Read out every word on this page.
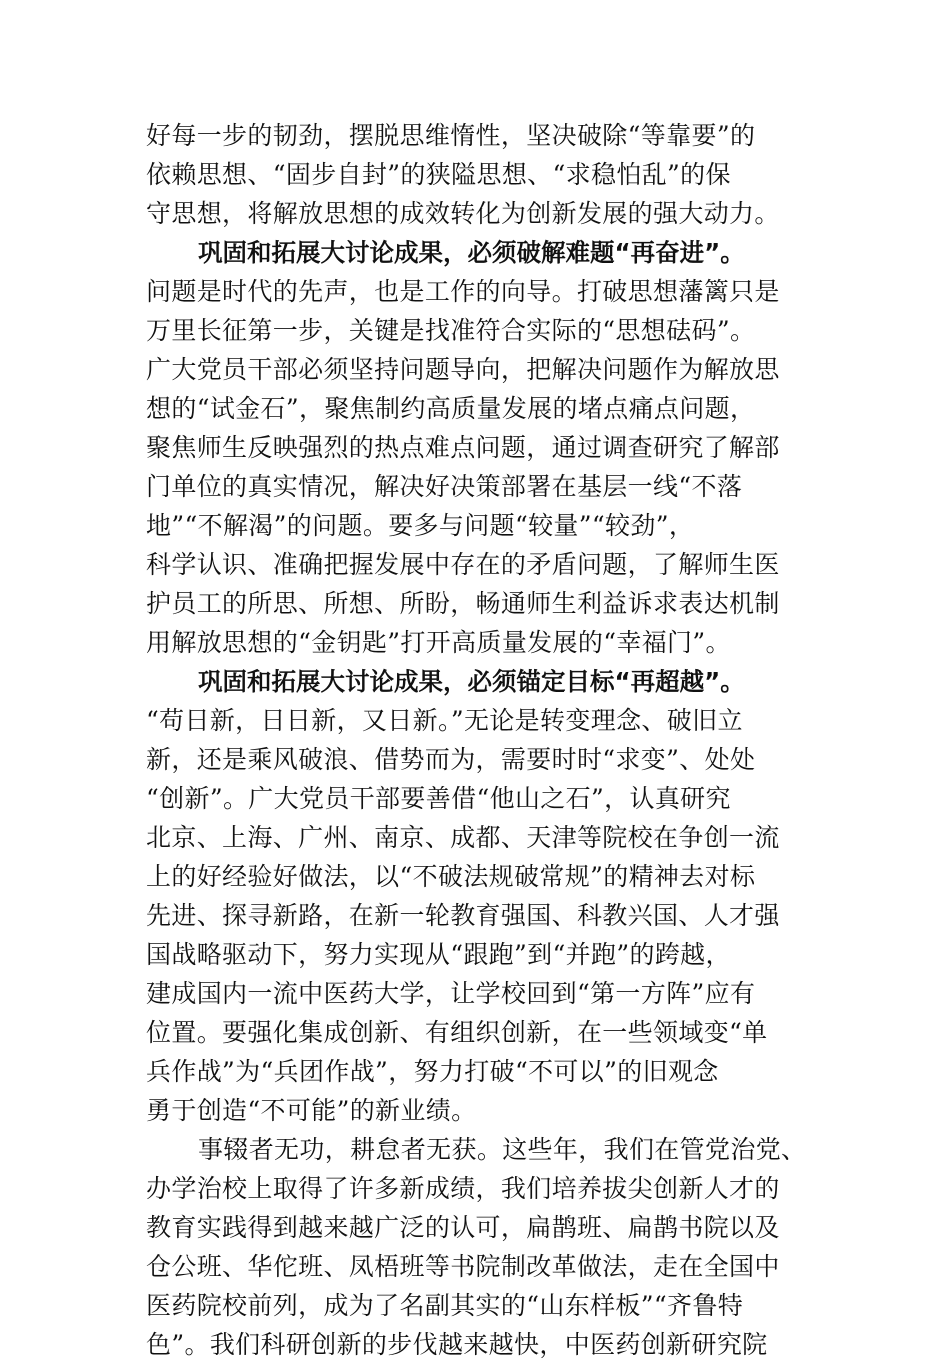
好每一步的韧劲，摆脱思维惰性，坚决破除“等靠要”的
依赖思想、“固步自封”的狭隘思想、“求稳怕乱”的保
守思想，将解放思想的成效转化为创新发展的强大动力。
巩固和拓展大讨论成果，必须破解难题“再奋进”。
问题是时代的先声，也是工作的向导。打破思想藩篱只是
万里长征第一步，关键是找准符合实际的“思想砝码”。
广大党员干部必须坚持问题导向，把解决问题作为解放思
想的“试金石”，聚焦制约高质量发展的堵点痛点问题，
聚焦师生反映强烈的热点难点问题，通过调查研究了解部
门单位的真实情况，解决好决策部署在基层一线“不落
地”“不解渴”的问题。要多与问题“较量”“较劲”，
科学认识、准确把握发展中存在的矛盾问题，了解师生医
护员工的所思、所想、所盼，畅通师生利益诉求表达机制
用解放思想的“金钥匙”打开高质量发展的“幸福门”。
巩固和拓展大讨论成果，必须锚定目标“再超越”。
“苟日新，日日新，又日新。”无论是转变理念、破旧立
新，还是乘风破浪、借势而为，需要时时“求变”、处处
“创新”。广大党员干部要善借“他山之石”，认真研究
北京、上海、广州、南京、成都、天津等院校在争创一流
上的好经验好做法，以“不破法规破常规”的精神去对标
先进、探寻新路，在新一轮教育强国、科教兴国、人才强
国战略驱动下，努力实现从“跟跑”到“并跑”的跨越，
建成国内一流中医药大学，让学校回到“第一方阵”应有
位置。要强化集成创新、有组织创新，在一些领域变“单
兵作战”为“兵团作战”，努力打破“不可以”的旧观念
勇于创造“不可能”的新业绩。
事辍者无功，耕怠者无获。这些年，我们在管党治党、
办学治校上取得了许多新成绩，我们培养拔尖创新人才的
教育实践得到越来越广泛的认可，扁鹊班、扁鹊书院以及
仓公班、华佗班、凤梧班等书院制改革做法，走在全国中
医药院校前列，成为了名副其实的“山东样板”“齐鲁特
色”。我们科研创新的步伐越来越快，中医药创新研究院
